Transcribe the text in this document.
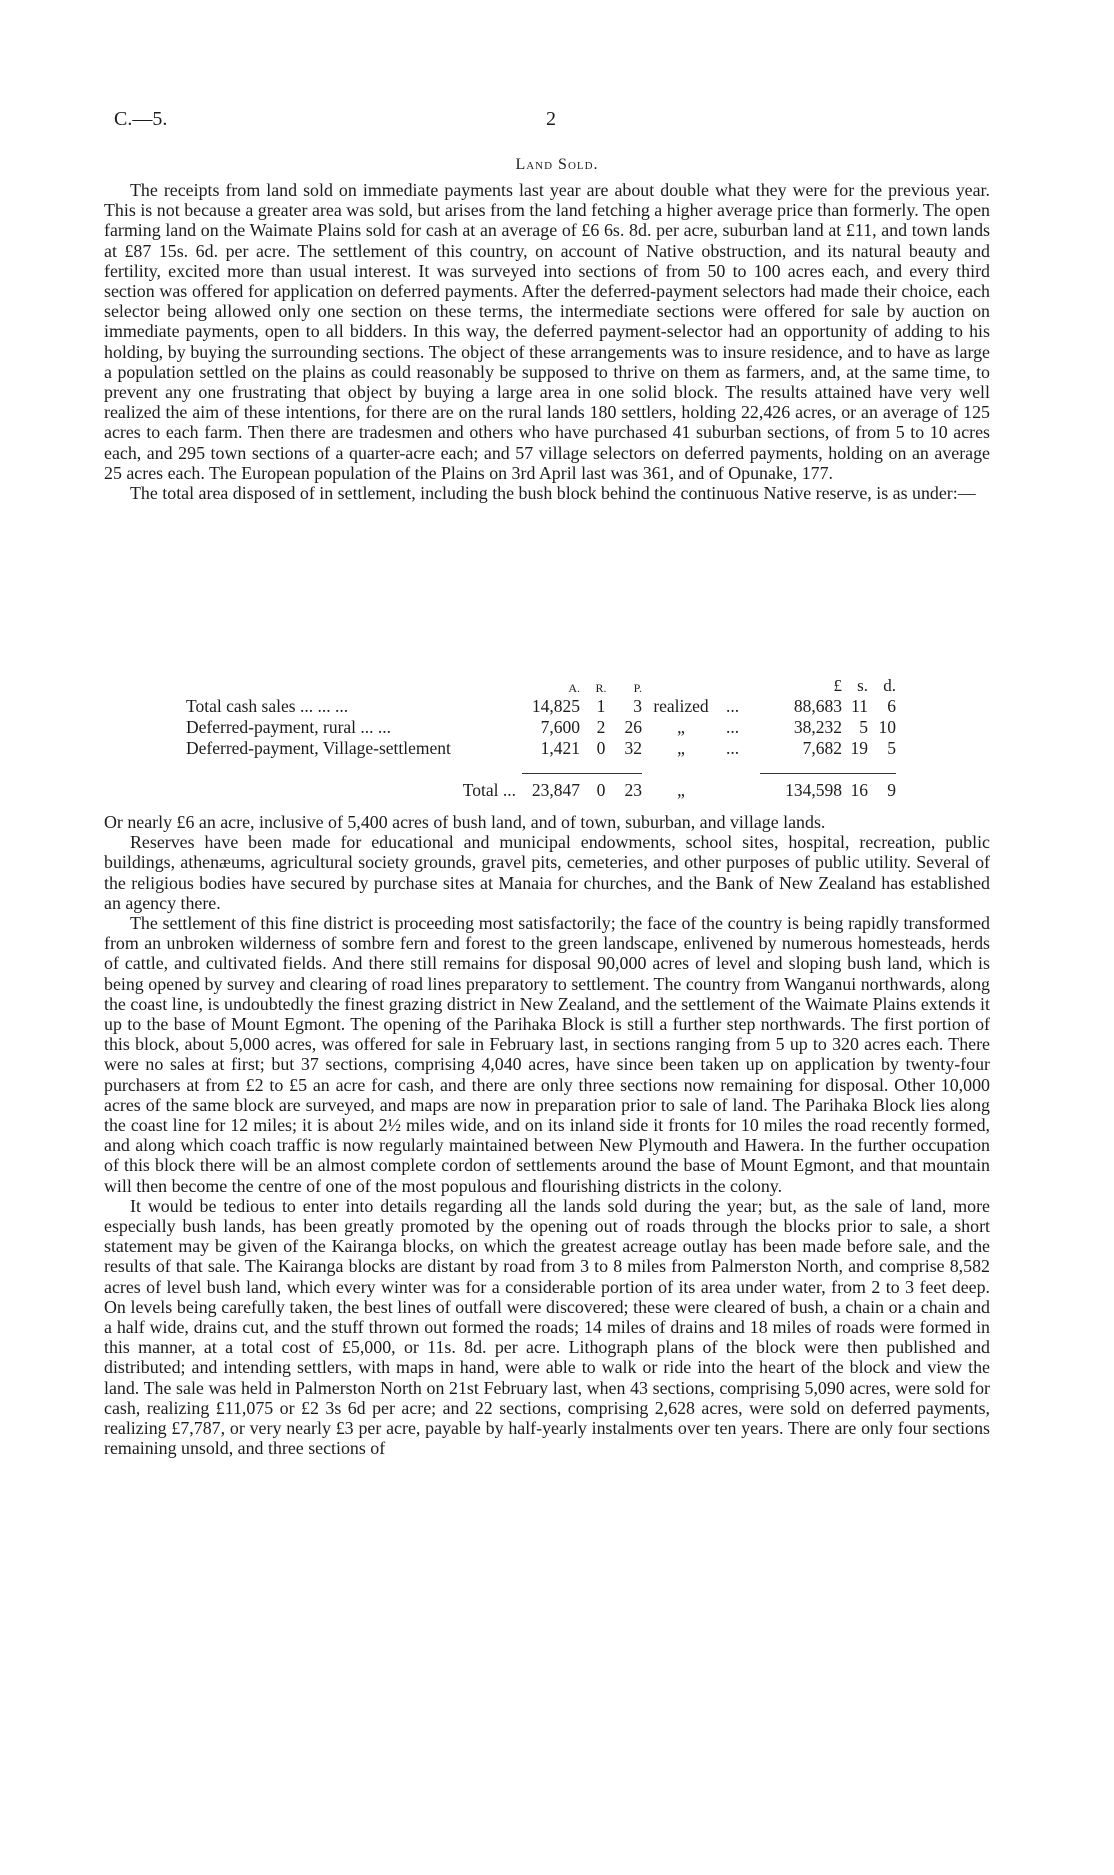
C.—5.	2
Land Sold.

The receipts from land sold on immediate payments last year are about double what they were for the previous year. This is not because a greater area was sold, but arises from the land fetching a higher average price than formerly. The open farming land on the Waimate Plains sold for cash at an average of £6 6s. 8d. per acre, suburban land at £11, and town lands at £87 15s. 6d. per acre. The settlement of this country, on account of Native obstruction, and its natural beauty and fertility, excited more than usual interest. It was surveyed into sections of from 50 to 100 acres each, and every third section was offered for application on deferred payments. After the deferred-payment selectors had made their choice, each selector being allowed only one section on these terms, the intermediate sections were offered for sale by auction on immediate payments, open to all bidders. In this way, the deferred payment-selector had an opportunity of adding to his holding, by buying the surrounding sections. The object of these arrangements was to insure residence, and to have as large a population settled on the plains as could reasonably be supposed to thrive on them as farmers, and, at the same time, to prevent any one frustrating that object by buying a large area in one solid block. The results attained have very well realized the aim of these intentions, for there are on the rural lands 180 settlers, holding 22,426 acres, or an average of 125 acres to each farm. Then there are tradesmen and others who have purchased 41 suburban sections, of from 5 to 10 acres each, and 295 town sections of a quarter-acre each; and 57 village selectors on deferred payments, holding on an average 25 acres each. The European population of the Plains on 3rd April last was 361, and of Opunake, 177.

The total area disposed of in settlement, including the bush block behind the continuous Native reserve, is as under:—

	A.	R.	P.			£	s.	d.
Total cash sales ... ... ...	14,825	1	3	realized	...	88,683	11	6
Deferred-payment, rural ... ...	7,600	2	26	„	...	38,232	5	10
Deferred-payment, Village-settlement	1,421	0	32	„	...	7,682	19	5

Total ...	23,847	0	23	„		134,598	16	9

Or nearly £6 an acre, inclusive of 5,400 acres of bush land, and of town, suburban, and village lands.

Reserves have been made for educational and municipal endowments, school sites, hospital, recreation, public buildings, athenæums, agricultural society grounds, gravel pits, cemeteries, and other purposes of public utility. Several of the religious bodies have secured by purchase sites at Manaia for churches, and the Bank of New Zealand has established an agency there.

The settlement of this fine district is proceeding most satisfactorily; the face of the country is being rapidly transformed from an unbroken wilderness of sombre fern and forest to the green landscape, enlivened by numerous homesteads, herds of cattle, and cultivated fields. And there still remains for disposal 90,000 acres of level and sloping bush land, which is being opened by survey and clearing of road lines preparatory to settlement. The country from Wanganui northwards, along the coast line, is undoubtedly the finest grazing district in New Zealand, and the settlement of the Waimate Plains extends it up to the base of Mount Egmont. The opening of the Parihaka Block is still a further step northwards. The first portion of this block, about 5,000 acres, was offered for sale in February last, in sections ranging from 5 up to 320 acres each. There were no sales at first; but 37 sections, comprising 4,040 acres, have since been taken up on application by twenty-four purchasers at from £2 to £5 an acre for cash, and there are only three sections now remaining for disposal. Other 10,000 acres of the same block are surveyed, and maps are now in preparation prior to sale of land. The Parihaka Block lies along the coast line for 12 miles; it is about 2½ miles wide, and on its inland side it fronts for 10 miles the road recently formed, and along which coach traffic is now regularly maintained between New Plymouth and Hawera. In the further occupation of this block there will be an almost complete cordon of settlements around the base of Mount Egmont, and that mountain will then become the centre of one of the most populous and flourishing districts in the colony.

It would be tedious to enter into details regarding all the lands sold during the year; but, as the sale of land, more especially bush lands, has been greatly promoted by the opening out of roads through the blocks prior to sale, a short statement may be given of the Kairanga blocks, on which the greatest acreage outlay has been made before sale, and the results of that sale. The Kairanga blocks are distant by road from 3 to 8 miles from Palmerston North, and comprise 8,582 acres of level bush land, which every winter was for a considerable portion of its area under water, from 2 to 3 feet deep. On levels being carefully taken, the best lines of outfall were discovered; these were cleared of bush, a chain or a chain and a half wide, drains cut, and the stuff thrown out formed the roads; 14 miles of drains and 18 miles of roads were formed in this manner, at a total cost of £5,000, or 11s. 8d. per acre. Lithograph plans of the block were then published and distributed; and intending settlers, with maps in hand, were able to walk or ride into the heart of the block and view the land. The sale was held in Palmerston North on 21st February last, when 43 sections, comprising 5,090 acres, were sold for cash, realizing £11,075 or £2 3s 6d per acre; and 22 sections, comprising 2,628 acres, were sold on deferred payments, realizing £7,787, or very nearly £3 per acre, payable by half-yearly instalments over ten years. There are only four sections remaining unsold, and three sections of
